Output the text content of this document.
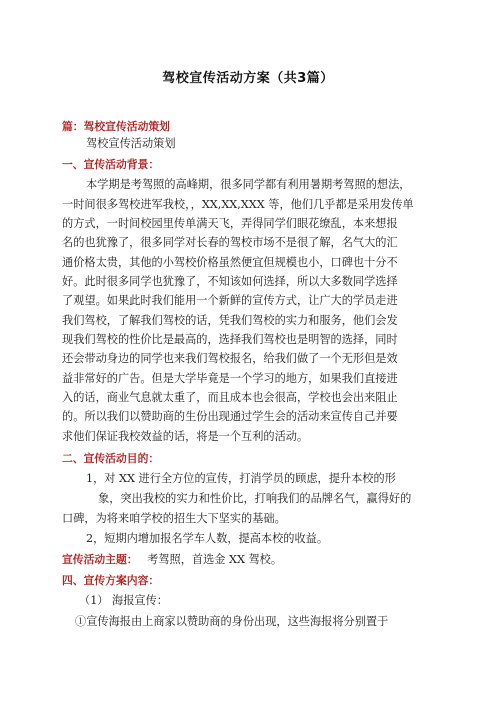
驾校宣传活动方案（共3篇）
篇：驾校宣传活动策划
驾校宣传活动策划
一、宣传活动背景：
本学期是考驾照的高峰期，很多同学都有利用暑期考驾照的想法，
一时间很多驾校进军我校，，XX,XX,XXX 等，他们几乎都是采用发传单
的方式，一时间校园里传单满天飞，弄得同学们眼花缭乱，本来想报
名的也犹豫了，很多同学对长春的驾校市场不是很了解，名气大的汇
通价格太贵，其他的小驾校价格虽然便宜但规模也小，口碑也十分不
好。此时很多同学也犹豫了，不知该如何选择，所以大多数同学选择
了观望。如果此时我们能用一个新鲜的宣传方式，让广大的学员走进
我们驾校，了解我们驾校的话，凭我们驾校的实力和服务，他们会发
现我们驾校的性价比是最高的，选择我们驾校也是明智的选择，同时
还会带动身边的同学也来我们驾校报名，给我们做了一个无形但是效
益非常好的广告。但是大学毕竟是一个学习的地方，如果我们直接进
入的话，商业气息就太重了，而且成本也会很高，学校也会出来阻止
的。所以我们以赞助商的生份出现通过学生会的活动来宣传自己并要
求他们保证我校效益的话，将是一个互利的活动。
二、宣传活动目的：
1，对 XX 进行全方位的宣传，打消学员的顾虑，提升本校的形
象，突出我校的实力和性价比，打响我们的品牌名气，赢得好的
口碑，为将来咱学校的招生大下坚实的基础。
2，短期内增加报名学车人数，提高本校的收益。
宣传活动主题： 考驾照，首选金 XX 驾校。
四、宣传方案内容：
（1） 海报宣传：
①宣传海报由上商家以赞助商的身份出现，这些海报将分别置于
